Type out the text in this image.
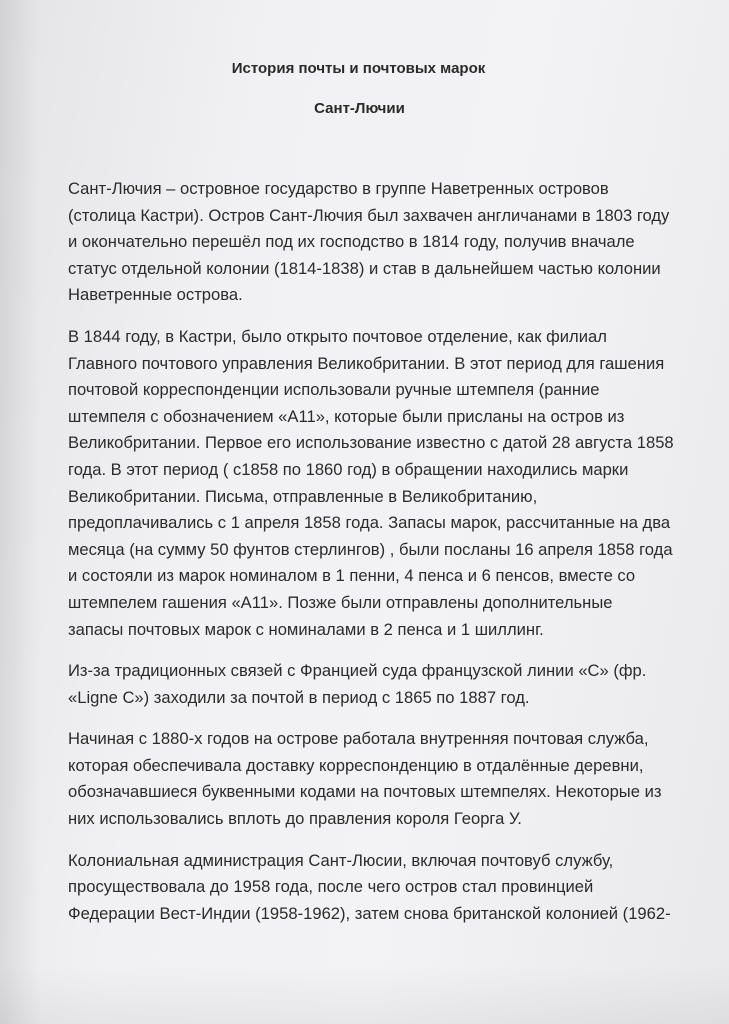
История почты и почтовых марок
Сант-Лючии

Сант-Лючия – островное государство в группе Наветренных островов
(столица Кастри). Остров Сант-Лючия был захвачен англичанами в 1803 году
и окончательно перешёл под их господство в 1814 году, получив вначале
статус отдельной колонии (1814-1838) и став в дальнейшем частью колонии
Наветренные острова.

В 1844 году, в Кастри, было открыто почтовое отделение, как филиал
Главного почтового управления Великобритании. В этот период для гашения
почтовой корреспонденции использовали ручные штемпеля (ранние
штемпеля с обозначением «А11», которые были присланы на остров из
Великобритании. Первое его использование известно с датой 28 августа 1858
года. В этот период ( с1858 по 1860 год) в обращении находились марки
Великобритании. Письма, отправленные в Великобританию,
предоплачивались с 1 апреля 1858 года. Запасы марок, рассчитанные на два
месяца (на сумму 50 фунтов стерлингов) , были посланы 16 апреля 1858 года
и состояли из марок номиналом в 1 пенни, 4 пенса и 6 пенсов, вместе со
штемпелем гашения «А11». Позже были отправлены дополнительные
запасы почтовых марок с номиналами в 2 пенса и 1 шиллинг.

Из-за традиционных связей с Францией суда французской линии «С» (фр.
«Ligne C») заходили за почтой в период с 1865 по 1887 год.

Начиная с 1880-х годов на острове работала внутренняя почтовая служба,
которая обеспечивала доставку корреспонденцию в отдалённые деревни,
обозначавшиеся буквенными кодами на почтовых штемпелях. Некоторые из
них использовались вплоть до правления короля Георга У.

Колониальная администрация Сант-Люсии, включая почтовуб службу,
просуществовала до 1958 года, после чего остров стал провинцией
Федерации Вест-Индии (1958-1962), затем снова британской колонией (1962-
